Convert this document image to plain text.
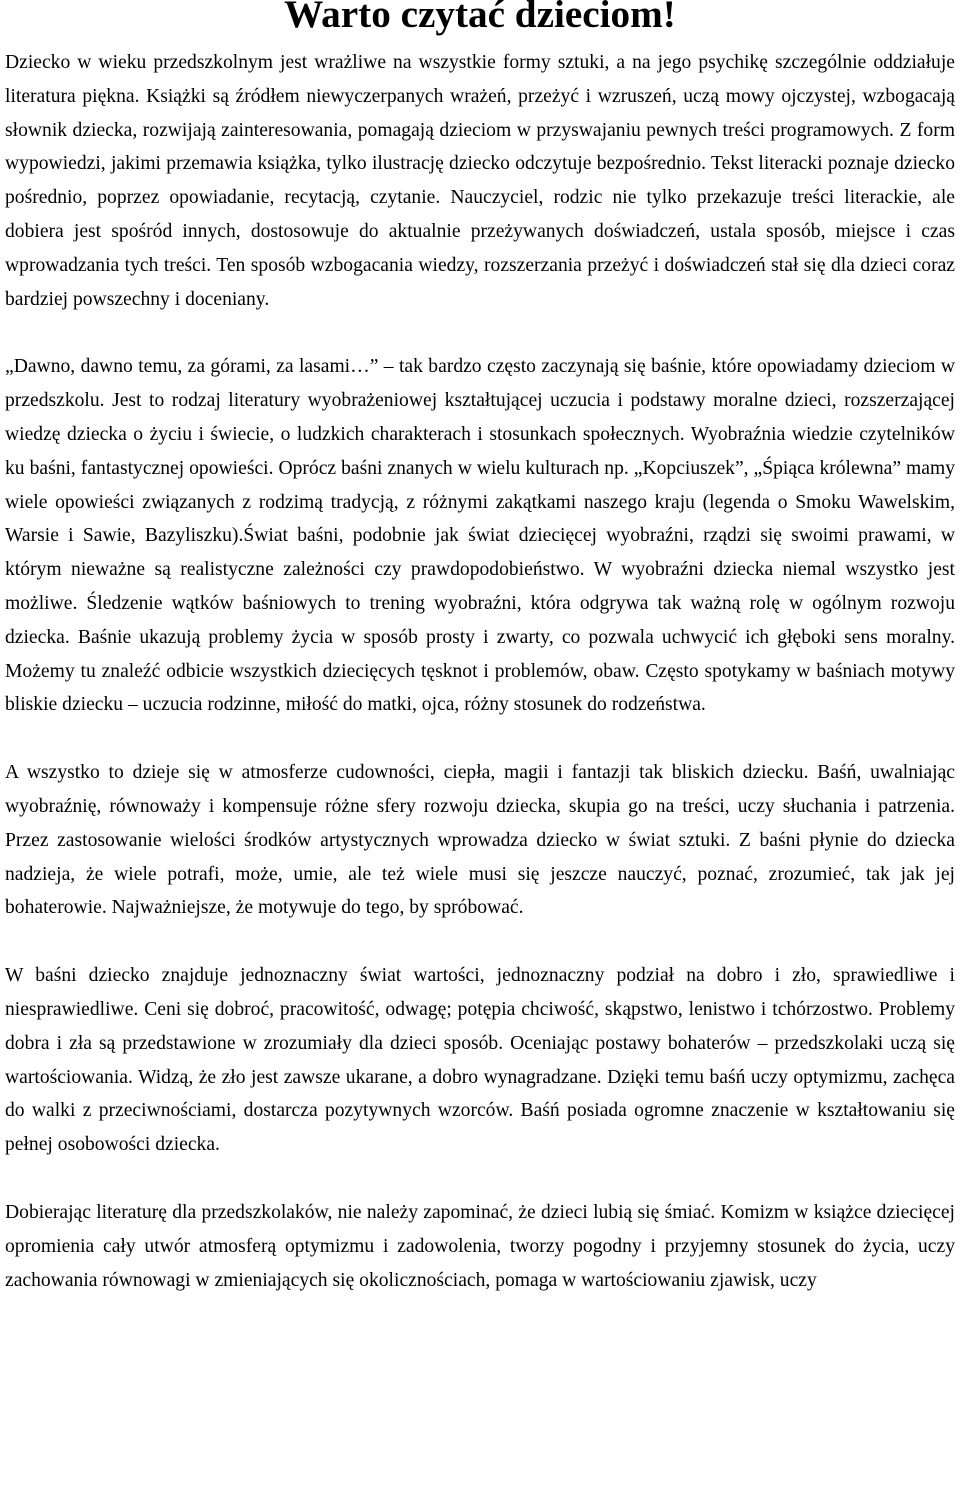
Warto czytać dzieciom!

Dziecko w wieku przedszkolnym jest wrażliwe na wszystkie formy sztuki, a na jego psychikę szczególnie oddziałuje literatura piękna. Książki są źródłem niewyczerpanych wrażeń, przeżyć i wzruszeń, uczą mowy ojczystej, wzbogacają słownik dziecka, rozwijają zainteresowania, pomagają dzieciom w przyswajaniu pewnych treści programowych. Z form wypowiedzi, jakimi przemawia książka, tylko ilustrację dziecko odczytuje bezpośrednio. Tekst literacki poznaje dziecko pośrednio, poprzez opowiadanie, recytacją, czytanie. Nauczyciel, rodzic nie tylko przekazuje treści literackie, ale dobiera jest spośród innych, dostosowuje do aktualnie przeżywanych doświadczeń, ustala sposób, miejsce i czas wprowadzania tych treści. Ten sposób wzbogacania wiedzy, rozszerzania przeżyć i doświadczeń stał się dla dzieci coraz bardziej powszechny i doceniany.

„Dawno, dawno temu, za górami, za lasami…” – tak bardzo często zaczynają się baśnie, które opowiadamy dzieciom w przedszkolu. Jest to rodzaj literatury wyobrażeniowej kształtującej uczucia i podstawy moralne dzieci, rozszerzającej wiedzę dziecka o życiu i świecie, o ludzkich charakterach i stosunkach społecznych. Wyobraźnia wiedzie czytelników ku baśni, fantastycznej opowieści. Oprócz baśni znanych w wielu kulturach np. „Kopciuszek”, „Śpiąca królewna” mamy wiele opowieści związanych z rodzimą tradycją, z różnymi zakątkami naszego kraju (legenda o Smoku Wawelskim, Warsie i Sawie, Bazyliszku).Świat baśni, podobnie jak świat dziecięcej wyobraźni, rządzi się swoimi prawami, w którym nieważne są realistyczne zależności czy prawdopodobieństwo. W wyobraźni dziecka niemal wszystko jest możliwe. Śledzenie wątków baśniowych to trening wyobraźni, która odgrywa tak ważną rolę w ogólnym rozwoju dziecka. Baśnie ukazują problemy życia w sposób prosty i zwarty, co pozwala uchwycić ich głęboki sens moralny. Możemy tu znaleźć odbicie wszystkich dziecięcych tęsknot i problemów, obaw. Często spotykamy w baśniach motywy bliskie dziecku – uczucia rodzinne, miłość do matki, ojca, różny stosunek do rodzeństwa.

A wszystko to dzieje się w atmosferze cudowności, ciepła, magii i fantazji tak bliskich dziecku. Baśń, uwalniając wyobraźnię, równoważy i kompensuje różne sfery rozwoju dziecka, skupia go na treści, uczy słuchania i patrzenia. Przez zastosowanie wielości środków artystycznych wprowadza dziecko w świat sztuki. Z baśni płynie do dziecka nadzieja, że wiele potrafi, może, umie, ale też wiele musi się jeszcze nauczyć, poznać, zrozumieć, tak jak jej bohaterowie. Najważniejsze, że motywuje do tego, by spróbować.

W baśni dziecko znajduje jednoznaczny świat wartości, jednoznaczny podział na dobro i zło, sprawiedliwe i niesprawiedliwe. Ceni się dobroć, pracowitość, odwagę; potępia chciwość, skąpstwo, lenistwo i tchórzostwo. Problemy dobra i zła są przedstawione w zrozumiały dla dzieci sposób. Oceniając postawy bohaterów – przedszkolaki uczą się wartościowania. Widzą, że zło jest zawsze ukarane, a dobro wynagradzane. Dzięki temu baśń uczy optymizmu, zachęca do walki z przeciwnościami, dostarcza pozytywnych wzorców. Baśń posiada ogromne znaczenie w kształtowaniu się pełnej osobowości dziecka.

Dobierając literaturę dla przedszkolaków, nie należy zapominać, że dzieci lubią się śmiać. Komizm w książce dziecięcej opromienia cały utwór atmosferą optymizmu i zadowolenia, tworzy pogodny i przyjemny stosunek do życia, uczy zachowania równowagi w zmieniających się okolicznościach, pomaga w wartościowaniu zjawisk, uczy
